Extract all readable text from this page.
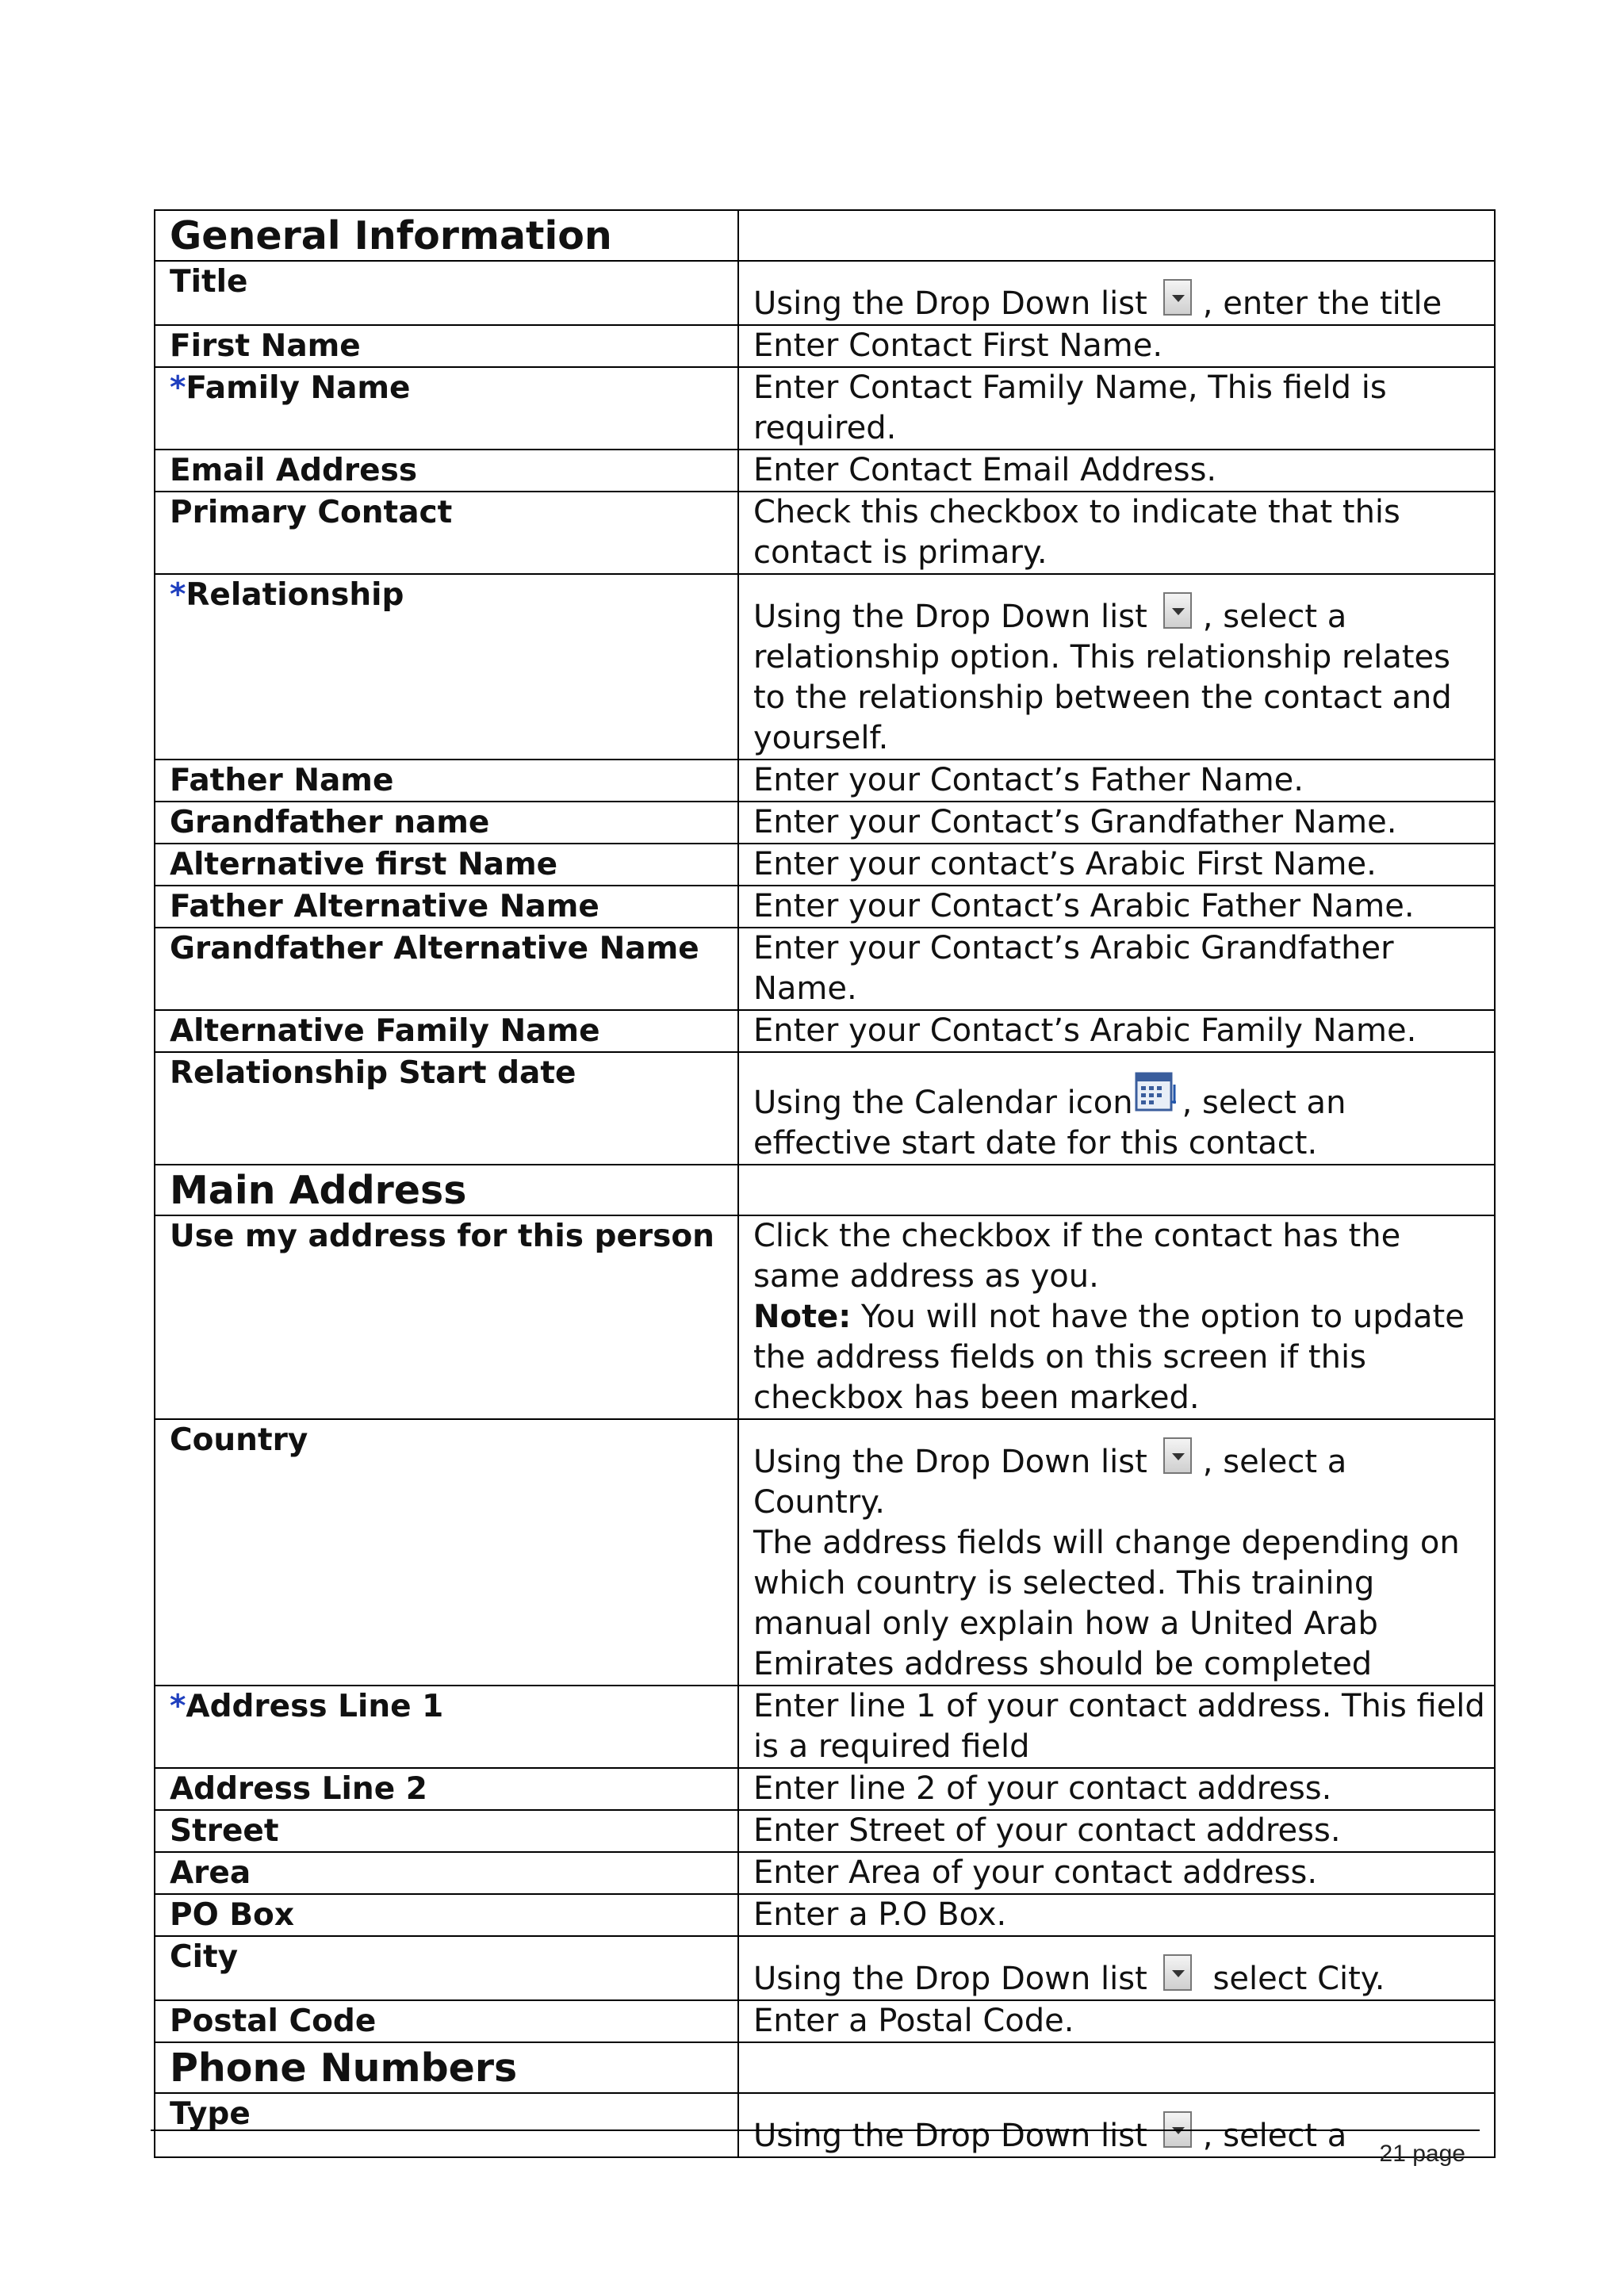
General Information	
Title	Using the Drop Down list , enter the title

First Name	Enter Contact First Name.
*Family Name	Enter Contact Family Name, This field is required.
Email Address	Enter Contact Email Address.
Primary Contact	Check this checkbox to indicate that this contact is primary.
*Relationship	Using the Drop Down list , select a relationship option. This relationship relates to the relationship between the contact and yourself.

Father Name	Enter your Contact’s Father Name.
Grandfather name	Enter your Contact’s Grandfather Name.
Alternative first Name	Enter your contact’s Arabic First Name.
Father Alternative Name	Enter your Contact’s Arabic Father Name.
Grandfather Alternative Name	Enter your Contact’s Arabic Grandfather Name.
Alternative Family Name	Enter your Contact’s Arabic Family Name.
Relationship Start date	Using the Calendar icon , select an effective start date for this contact.

Main Address	
Use my address for this person	Click the checkbox if the contact has the same address as you.
Note: You will not have the option to update the address fields on this screen if this checkbox has been marked.

Country	Using the Drop Down list , select a Country.
The address fields will change depending on which country is selected. This training manual only explain how a United Arab Emirates address should be completed

*Address Line 1	Enter line 1 of your contact address. This field is a required field
Address Line 2	Enter line 2 of your contact address.
Street	Enter Street of your contact address.
Area	Enter Area of your contact address.
PO Box	Enter a P.O Box.
City	Using the Drop Down list select City.

Postal Code	Enter a Postal Code.
Phone Numbers	
Type	Using the Drop Down list , select a	21 page
